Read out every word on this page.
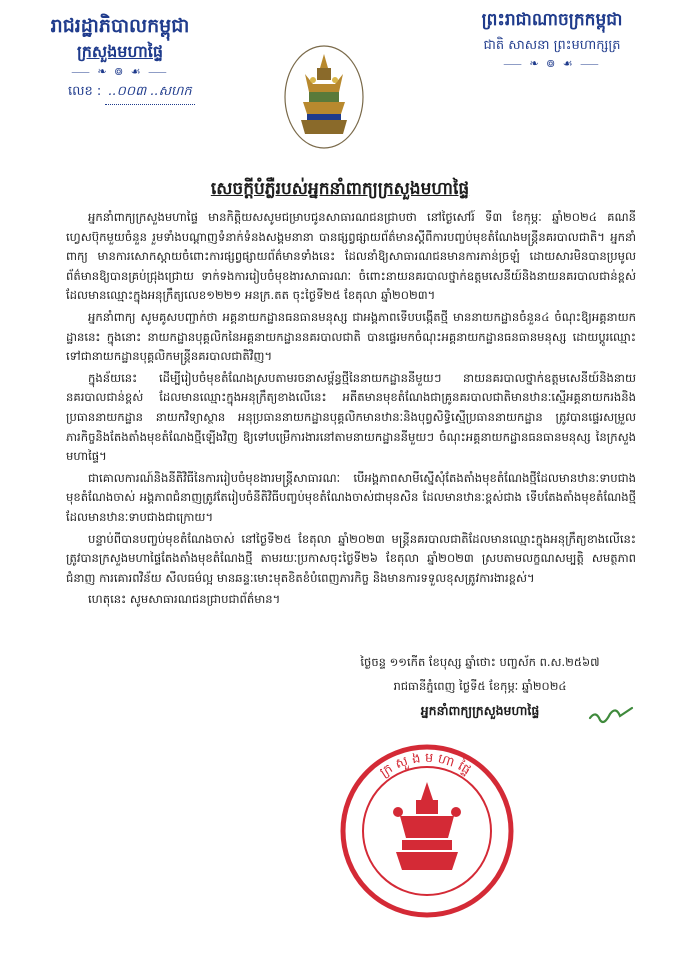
រាជរដ្ឋាភិបាលកម្ពុជា
ក្រសួងមហាផ្ទៃ
⸺ ❧ ៙ ☙ ⸺
លេខ : ..០០៣ ..សហក
ព្រះរាជាណាចក្រកម្ពុជា
ជាតិ សាសនា ព្រះមហាក្សត្រ
⸺ ❧ ៙ ☙ ⸺
សេចក្តីបំភ្លឺរបស់អ្នកនាំពាក្យក្រសួងមហាផ្ទៃ

អ្នកនាំពាក្យក្រសួងមហាផ្ទៃ មានកិត្តិយសសូមជម្រាបជូនសាធារណជនជ្រាបថា នៅថ្ងៃសៅរ៍ ទី៣ ខែកុម្ភៈ ឆ្នាំ២០២៤ គណនីហ្វេសប៊ុកមួយចំនួន រួមទាំងបណ្តាញទំនាក់ទំនងសង្គមនានា បានផ្សព្វផ្សាយព័ត៌មានស្តីពីការបញ្ចប់មុខតំណែងមន្ត្រីនគរបាលជាតិ។ អ្នកនាំពាក្យ មានការសោកស្តាយចំពោះការផ្សព្វផ្សាយព័ត៌មានទាំងនេះ ដែលនាំឱ្យសាធារណជនមានការភាន់ច្រឡំ ដោយសារមិនបានប្រមូលព័ត៌មានឱ្យបានគ្រប់ជ្រុងជ្រោយ ទាក់ទងការរៀបចំមុខងារសាធារណៈ ចំពោះនាយនគរបាលថ្នាក់ឧត្តមសេនីយ៍និងនាយនគរបាលជាន់ខ្ពស់ ដែលមានឈ្មោះក្នុងអនុក្រឹត្យលេខ១២២១ អនក្រ.តត ចុះថ្ងៃទី២៥ ខែតុលា ឆ្នាំ២០២៣។

អ្នកនាំពាក្យ សូមគូសបញ្ជាក់ថា អគ្គនាយកដ្ឋានធនធានមនុស្ស ជាអង្គភាពទើបបង្កើតថ្មី មាននាយកដ្ឋានចំនួន៤ ចំណុះឱ្យអគ្គនាយកដ្ឋាននេះ ក្នុងនោះ នាយកដ្ឋានបុគ្គលិកនៃអគ្គនាយកដ្ឋាននគរបាលជាតិ បានផ្ទេរមកចំណុះអគ្គនាយកដ្ឋានធនធានមនុស្ស ដោយប្តូរឈ្មោះទៅជានាយកដ្ឋានបុគ្គលិកមន្ត្រីនគរបាលជាតិវិញ។

ក្នុងន័យនេះ ដើម្បីរៀបចំមុខតំណែងស្របតាមរចនាសម្ព័ន្ធថ្មីនៃនាយកដ្ឋាននីមួយៗ នាយនគរបាលថ្នាក់ឧត្តមសេនីយ៍និងនាយនគរបាលជាន់ខ្ពស់ ដែលមានឈ្មោះក្នុងអនុក្រឹត្យខាងលើនេះ អតីតមានមុខតំណែងជាគ្រូនគរបាលជាតិមានឋានៈស្មើអគ្គនាយករងនិងប្រធាននាយកដ្ឋាន នាយកវិទ្យាស្ថាន អនុប្រធាននាយកដ្ឋានបុគ្គលិកមានឋានៈនិងបុព្វសិទ្ធិស្មើប្រធាននាយកដ្ឋាន ត្រូវបានផ្ទេរសម្រួលភារកិច្ចនិងតែងតាំងមុខតំណែងថ្មីឡើងវិញ ឱ្យទៅបម្រើការងារនៅតាមនាយកដ្ឋាននីមួយៗ ចំណុះអគ្គនាយកដ្ឋានធនធានមនុស្ស នៃក្រសួងមហាផ្ទៃ។

ជាគោលការណ៍និងនីតិវិធីនៃការរៀបចំមុខងារមន្ត្រីសាធារណៈ បើអង្គភាពសាមីស្នើសុំតែងតាំងមុខតំណែងថ្មីដែលមានឋានៈទាបជាងមុខតំណែងចាស់ អង្គភាពជំនាញត្រូវតែរៀបចំនីតិវិធីបញ្ចប់មុខតំណែងចាស់ជាមុនសិន ដែលមានឋានៈខ្ពស់ជាង ទើបតែងតាំងមុខតំណែងថ្មីដែលមានឋានៈទាបជាងជាក្រោយ។

បន្ទាប់ពីបានបញ្ចប់មុខតំណែងចាស់ នៅថ្ងៃទី២៥ ខែតុលា ឆ្នាំ២០២៣ មន្ត្រីនគរបាលជាតិដែលមានឈ្មោះក្នុងអនុក្រឹត្យខាងលើនេះ ត្រូវបានក្រសួងមហាផ្ទៃតែងតាំងមុខតំណែងថ្មី តាមរយៈប្រកាសចុះថ្ងៃទី២៦ ខែតុលា ឆ្នាំ២០២៣ ស្របតាមលក្ខណសម្បត្តិ សមត្ថភាពជំនាញ ការគោរពវិន័យ សីលធម៌ល្អ មានឆន្ទៈមោះមុតខិតខំបំពេញភារកិច្ច និងមានការទទួលខុសត្រូវការងារខ្ពស់។

ហេតុនេះ សូមសាធារណជនជ្រាបជាព័ត៌មាន។

ថ្ងៃចន្ទ ១១កើត ខែបុស្ស ឆ្នាំថោះ បញ្ចស័ក ព.ស.២៥៦៧
រាជធានីភ្នំពេញ ថ្ងៃទី៥ ខែកុម្ភៈ ឆ្នាំ២០២៤
អ្នកនាំពាក្យក្រសួងមហាផ្ទៃ
ក្រសួងមហាផ្ទៃ
